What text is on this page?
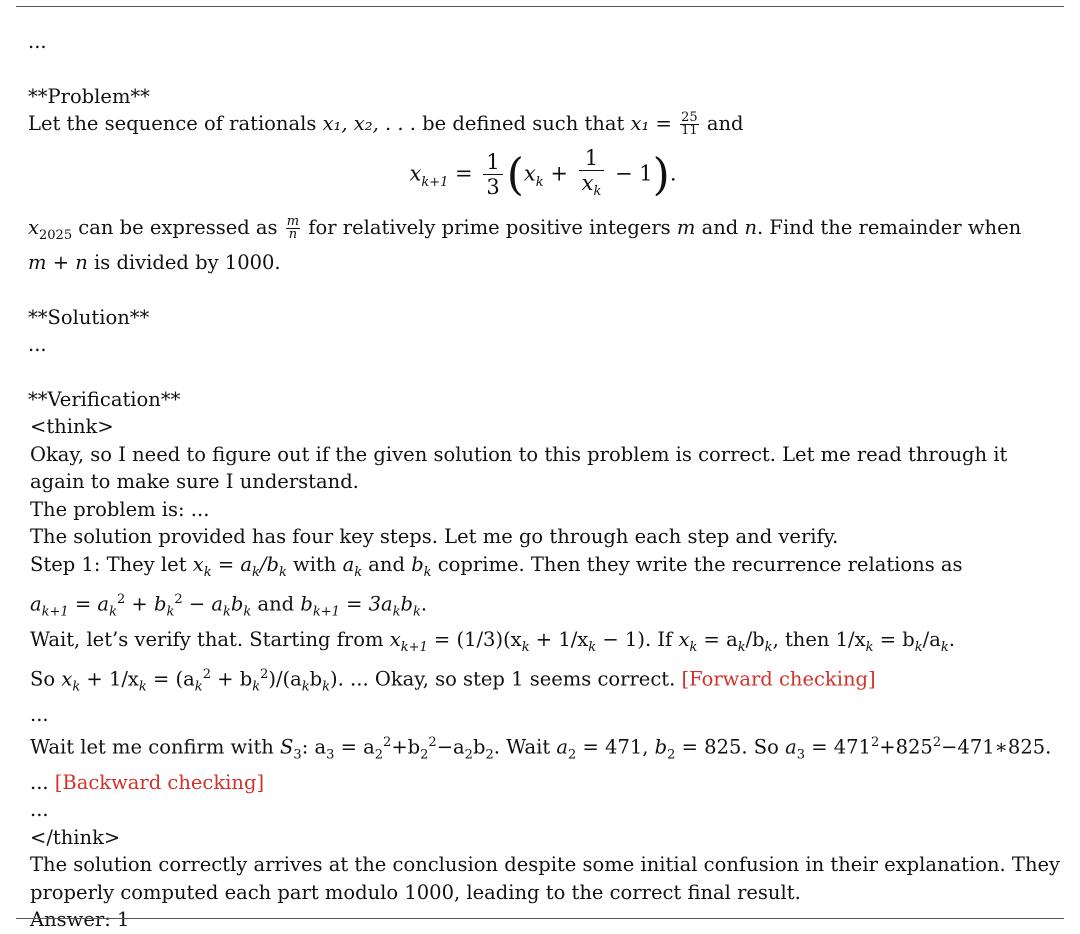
...
**Problem**
Let the sequence of rationals x₁, x₂, . . . be defined such that $x_1 = \frac{25}{11}$ and
$x_{k+1} = \frac{1}{3} (x_k + \frac{1}{x_k} - 1)$.
$x_{2025}$ can be expressed as $\frac{m}{n}$ for relatively prime positive integers m and n. Find the remainder when
m + n is divided by 1000.
**Solution**
...
**Verification**
<think>
Okay, so I need to figure out if the given solution to this problem is correct. Let me read through it
again to make sure I understand.
The problem is: ...
The solution provided has four key steps. Let me go through each step and verify.
Step 1: They let $x_k = a_k/b_k$ with $a_k$ and $b_k$ coprime. Then they write the recurrence relations as
$a_{k+1} = a_k^2 + b_k^2 - a_kb_k$ and $b_{k+1} = 3a_kb_k$.
Wait, let’s verify that. Starting from $x_{k+1} = (1/3)(x_k + 1/x_k - 1)$. If $x_k = a_k/b_k$, then $1/x_k = b_k/a_k$.
So $x_k + 1/x_k = (a_k^2 + b_k^2)/(a_kb_k)$. ... Okay, so step 1 seems correct. [Forward checking]
...
Wait let me confirm with $S_3$: $a_3 = a_2^2+b_2^2-a_2b_2$. Wait $a_2 = 471$, $b_2 = 825$. So $a_3$ = $471^2+825^2-471∗825$.
... [Backward checking]
...
</think>
The solution correctly arrives at the conclusion despite some initial confusion in their explanation. They
properly computed each part modulo 1000, leading to the correct final result.
Answer: 1
